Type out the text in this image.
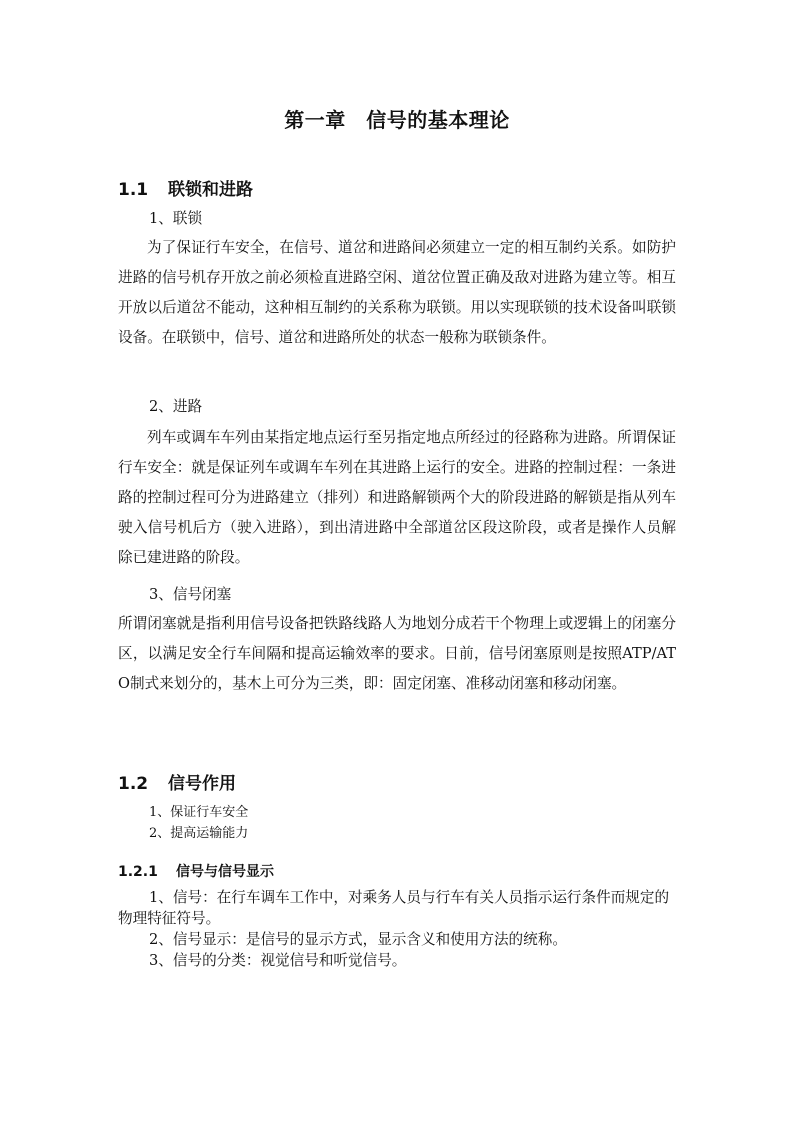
第一章　信号的基本理论
1.1 联锁和进路
1、联锁
为了保证行车安全，在信号、道岔和进路间必须建立一定的相互制约关系。如防护进路的信号机存开放之前必须检直进路空闲、道岔位置正确及敌对进路为建立等。相互开放以后道岔不能动，这种相互制约的关系称为联锁。用以实现联锁的技术设备叫联锁设备。在联锁中，信号、道岔和进路所处的状态一般称为联锁条件。
2、进路
列车或调车车列由某指定地点运行至另指定地点所经过的径路称为进路。所谓保证行车安全：就是保证列车或调车车列在其进路上运行的安全。进路的控制过程：一条进路的控制过程可分为进路建立（排列）和进路解锁两个大的阶段进路的解锁是指从列车驶入信号机后方（驶入进路），到出清进路中全部道岔区段这阶段，或者是操作人员解除已建进路的阶段。
3、信号闭塞
所谓闭塞就是指利用信号设备把铁路线路人为地划分成若干个物理上或逻辑上的闭塞分区，以满足安全行车间隔和提高运输效率的要求。日前，信号闭塞原则是按照ATP/ATO制式来划分的，基木上可分为三类，即：固定闭塞、准移动闭塞和移动闭塞。
1.2 信号作用
1、保证行车安全
2、提高运输能力
1.2.1 信号与信号显示

1、信号：在行车调车工作中，对乘务人员与行车有关人员指示运行条件而规定的物理特征符号。

2、信号显示：是信号的显示方式，显示含义和使用方法的统称。

3、信号的分类：视觉信号和听觉信号。
